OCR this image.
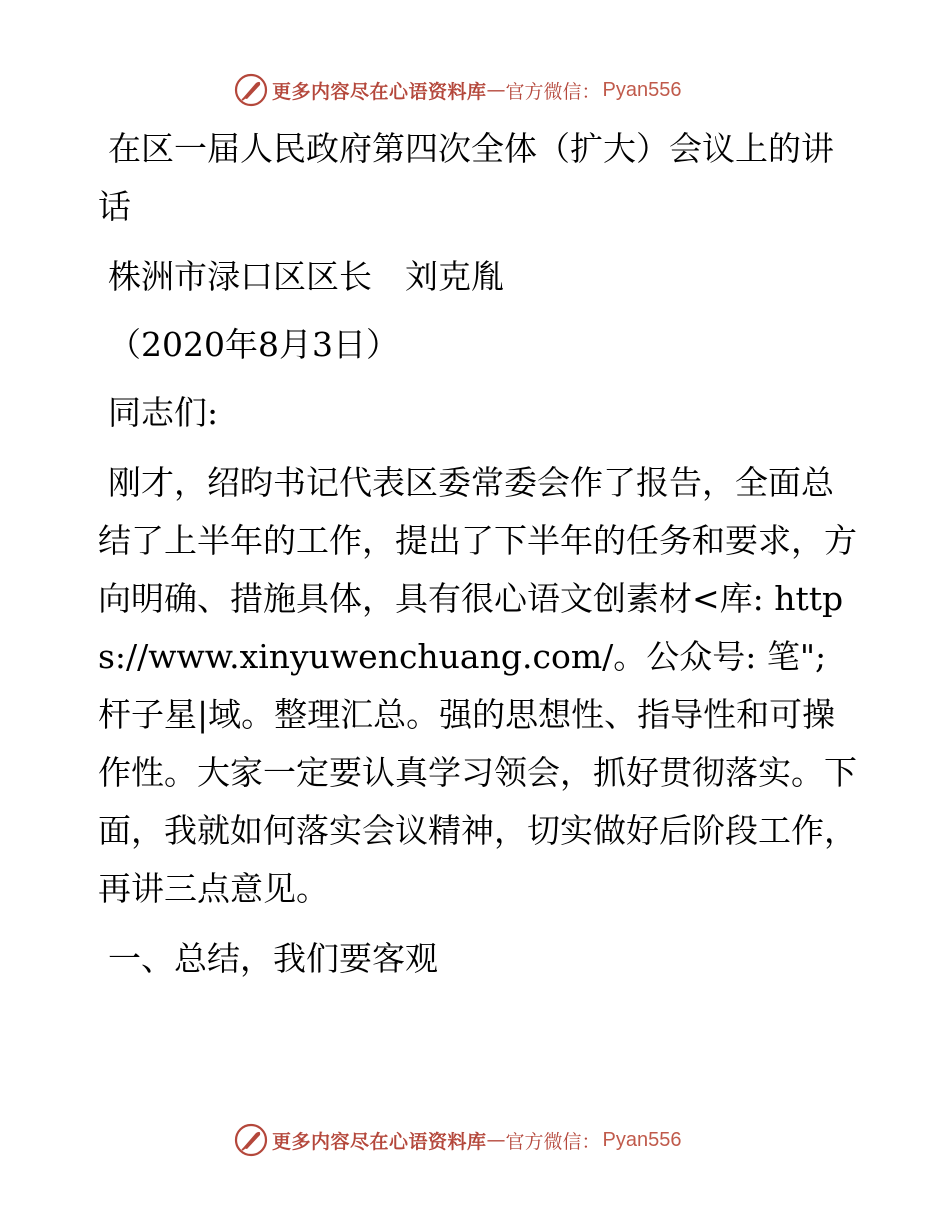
更多内容尽在心语资料库 — 官方微信： Pyan556

在区一届人民政府第四次全体（扩大）会议上的讲话

株洲市渌口区区长　刘克胤

（2020年8月3日）

同志们:

刚才，绍昀书记代表区委常委会作了报告，全面总结了上半年的工作，提出了下半年的任务和要求，方向明确、措施具体，具有很心语文创素材<库: https://www.xinyuwenchuang.com/。公众号: 笔";杆子星|域。整理汇总。强的思想性、指导性和可操作性。大家一定要认真学习领会，抓好贯彻落实。下面，我就如何落实会议精神，切实做好后阶段工作，再讲三点意见。

一、总结，我们要客观

更多内容尽在心语资料库 — 官方微信： Pyan556
